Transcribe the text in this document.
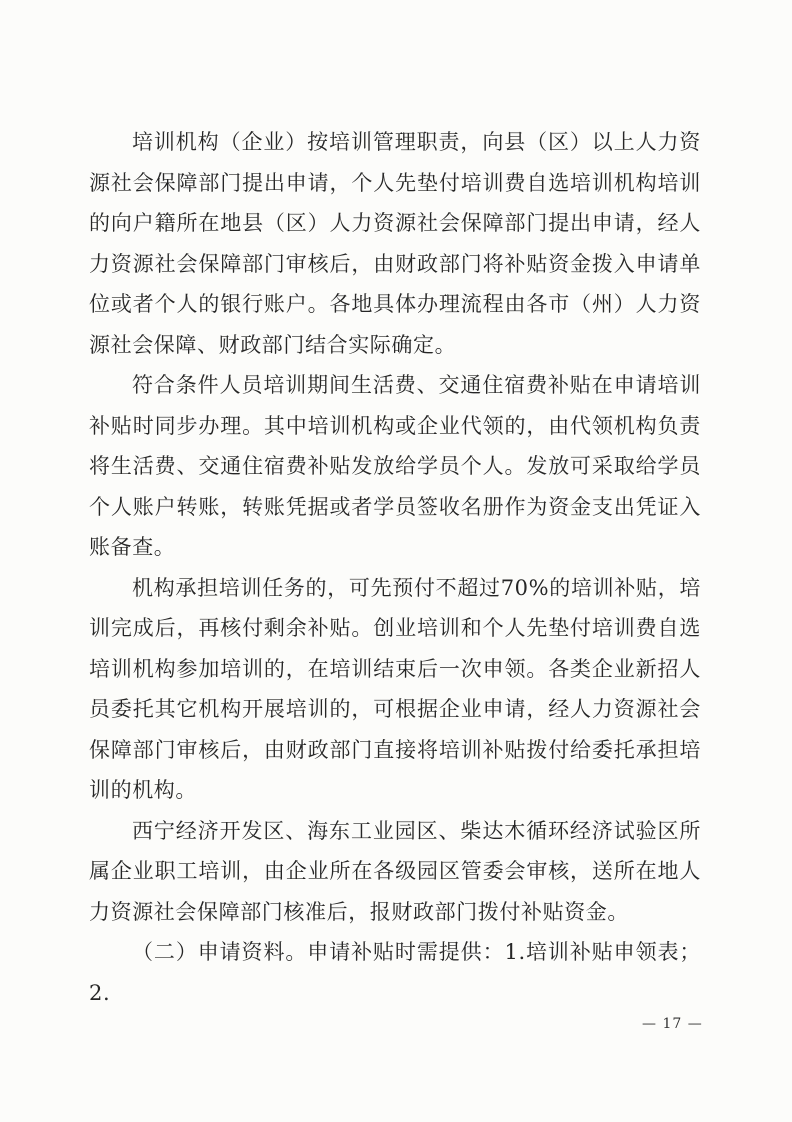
培训机构（企业）按培训管理职责，向县（区）以上人力资源社会保障部门提出申请，个人先垫付培训费自选培训机构培训的向户籍所在地县（区）人力资源社会保障部门提出申请，经人力资源社会保障部门审核后，由财政部门将补贴资金拨入申请单位或者个人的银行账户。各地具体办理流程由各市（州）人力资源社会保障、财政部门结合实际确定。

符合条件人员培训期间生活费、交通住宿费补贴在申请培训补贴时同步办理。其中培训机构或企业代领的，由代领机构负责将生活费、交通住宿费补贴发放给学员个人。发放可采取给学员个人账户转账，转账凭据或者学员签收名册作为资金支出凭证入账备查。

机构承担培训任务的，可先预付不超过70%的培训补贴，培训完成后，再核付剩余补贴。创业培训和个人先垫付培训费自选培训机构参加培训的，在培训结束后一次申领。各类企业新招人员委托其它机构开展培训的，可根据企业申请，经人力资源社会保障部门审核后，由财政部门直接将培训补贴拨付给委托承担培训的机构。

西宁经济开发区、海东工业园区、柴达木循环经济试验区所属企业职工培训，由企业所在各级园区管委会审核，送所在地人力资源社会保障部门核准后，报财政部门拨付补贴资金。

（二）申请资料。申请补贴时需提供：1.培训补贴申领表；2.

— 17 —
